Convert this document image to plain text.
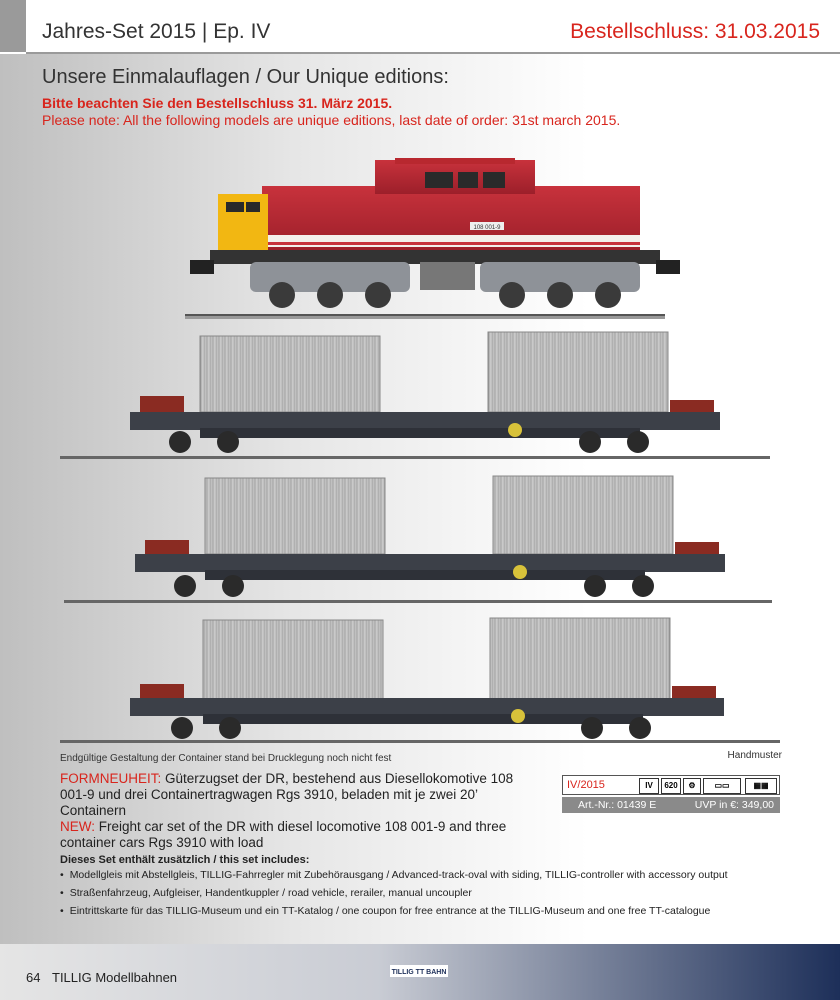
Jahres-Set 2015 | Ep. IV	Bestellschluss: 31.03.2015
Unsere Einmalauflagen / Our Unique editions:
Bitte beachten Sie den Bestellschluss 31. März 2015.
Please note: All the following models are unique editions, last date of order: 31st march 2015.
108 001-9
Endgültige Gestaltung der Container stand bei Drucklegung noch nicht fest	Handmuster
FORMNEUHEIT: Güterzugset der DR, bestehend aus Diesellokomotive 108 001-9 und drei Containertragwagen Rgs 3910, beladen mit je zwei 20’ Containern
NEW: Freight car set of the DR with diesel locomotive 108 001-9 and three container cars Rgs 3910 with load
Dieses Set enthält zusätzlich / this set includes:
• Modellgleis mit Abstellgleis, TILLIG-Fahrregler mit Zubehörausgang / Advanced-track-oval with siding, TILLIG-controller with accessory output
• Straßenfahrzeug, Aufgleiser, Handentkuppler / road vehicle, rerailer, manual uncoupler
• Eintrittskarte für das TILLIG-Museum und ein TT-Katalog / one coupon for free entrance at the TILLIG-Museum and one free TT-catalogue
IV/2015	IV	620	⚙	▭▭	▦▦
Art.-Nr.: 01439 E	UVP in €: 349,00
64 TILLIG Modellbahnen	TILLIG TT BAHN
